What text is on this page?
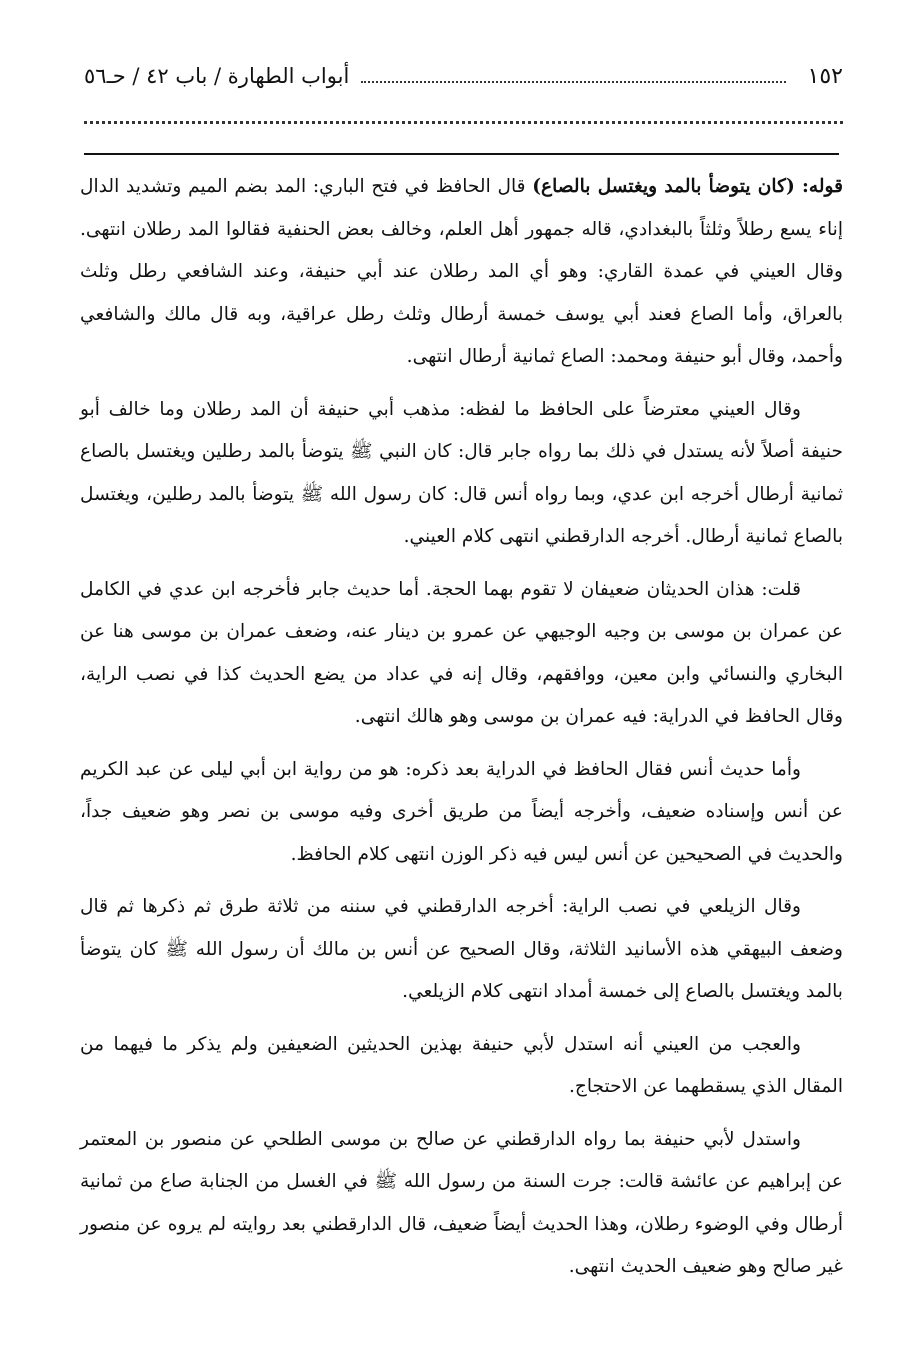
١٥٢
أبواب الطهارة / باب ٤٢ / حـ٥٦

قوله: (كان يتوضأ بالمد ويغتسل بالصاع) قال الحافظ في فتح الباري: المد بضم الميم وتشديد الدال إناء يسع رطلاً وثلثاً بالبغدادي، قاله جمهور أهل العلم، وخالف بعض الحنفية فقالوا المد رطلان انتهى. وقال العيني في عمدة القاري: وهو أي المد رطلان عند أبي حنيفة، وعند الشافعي رطل وثلث بالعراق، وأما الصاع فعند أبي يوسف خمسة أرطال وثلث رطل عراقية، وبه قال مالك والشافعي وأحمد، وقال أبو حنيفة ومحمد: الصاع ثمانية أرطال انتهى.

وقال العيني معترضاً على الحافظ ما لفظه: مذهب أبي حنيفة أن المد رطلان وما خالف أبو حنيفة أصلاً لأنه يستدل في ذلك بما رواه جابر قال: كان النبي ﷺ يتوضأ بالمد رطلين ويغتسل بالصاع ثمانية أرطال أخرجه ابن عدي، وبما رواه أنس قال: كان رسول الله ﷺ يتوضأ بالمد رطلين، ويغتسل بالصاع ثمانية أرطال. أخرجه الدارقطني انتهى كلام العيني.

قلت: هذان الحديثان ضعيفان لا تقوم بهما الحجة. أما حديث جابر فأخرجه ابن عدي في الكامل عن عمران بن موسى بن وجيه الوجيهي عن عمرو بن دينار عنه، وضعف عمران بن موسى هنا عن البخاري والنسائي وابن معين، ووافقهم، وقال إنه في عداد من يضع الحديث كذا في نصب الراية، وقال الحافظ في الدراية: فيه عمران بن موسى وهو هالك انتهى.

وأما حديث أنس فقال الحافظ في الدراية بعد ذكره: هو من رواية ابن أبي ليلى عن عبد الكريم عن أنس وإسناده ضعيف، وأخرجه أيضاً من طريق أخرى وفيه موسى بن نصر وهو ضعيف جداً، والحديث في الصحيحين عن أنس ليس فيه ذكر الوزن انتهى كلام الحافظ.

وقال الزيلعي في نصب الراية: أخرجه الدارقطني في سننه من ثلاثة طرق ثم ذكرها ثم قال وضعف البيهقي هذه الأسانيد الثلاثة، وقال الصحيح عن أنس بن مالك أن رسول الله ﷺ كان يتوضأ بالمد ويغتسل بالصاع إلى خمسة أمداد انتهى كلام الزيلعي.

والعجب من العيني أنه استدل لأبي حنيفة بهذين الحديثين الضعيفين ولم يذكر ما فيهما من المقال الذي يسقطهما عن الاحتجاج.

واستدل لأبي حنيفة بما رواه الدارقطني عن صالح بن موسى الطلحي عن منصور بن المعتمر عن إبراهيم عن عائشة قالت: جرت السنة من رسول الله ﷺ في الغسل من الجنابة صاع من ثمانية أرطال وفي الوضوء رطلان، وهذا الحديث أيضاً ضعيف، قال الدارقطني بعد روايته لم يروه عن منصور غير صالح وهو ضعيف الحديث انتهى.
